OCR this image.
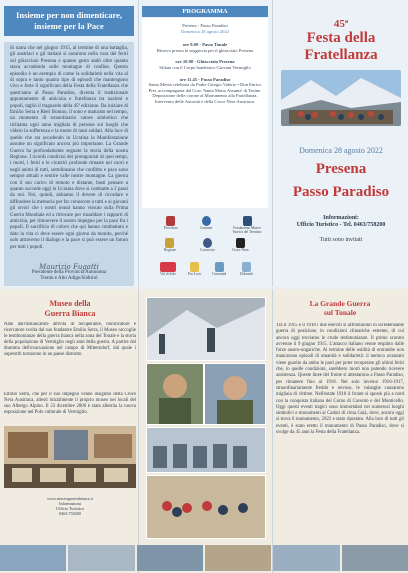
Insieme per non dimenticare,
insieme per la Pace
Si narra che nel giugno 1915, al termine di una battaglia, gli austriaci e gli italiani si notarono nella cura dei feriti sul ghiacciaio Presena e quanto gesto andò oltre quanto stava accadendo sulle montagne di confine. Questo episodio è un esempio di come la solidarietà nella vita al di sopra e tanto quanto tipo di episodi che mantengono vivo e forte il significato della Festa della Fratellanza che quest'anno al Passo Paradiso, diventa il tradizionale appuntamento di amicizia e fratellanza tra nazioni e popoli, tagliò il traguardo della 45ª edizione. Da iniziare di Emilio Serra e Rieri Bonino, il sono e maturato nel tempo, un momento di straordinario valore simbolico che richiama ogni anno migliaia di persone sui luoghi che videro la sofferenza e la morte di tanti soldati. Alla luce di quello che sta accadendo in Ucraina la Manifestazione assume un significato ancora più importante. La Grande Guerra ha profondamente segnato la storia della nostra Regione. I ricordi condivisi dei protagonisti di quei tempi, i morti, i feriti e le cicatrici profonde rimaste nei cuori e negli animi di tutti, sottolineano che conflitto e pace sono sempre attuali e sentire valle nostre montagne. La guerra con il suo carico di remoto e distante, basti pensare a quanto succede oggi in Ucraina dove si combatte a 2 passi da noi. Noi, quindi, abbiamo il dovere di ricordare e diffondere la memoria per far conoscere a tutti e ai giovani gli orrori che i nostri nonni hanno vissuto sulla Prima Guerra Mondiale ed a ritrovare per rinsaldare i rapporti di amicizia, per rimuovere il nostro impegno per la pace fra i popoli. Il sacrificio di coloro che qui hanno combattuto e dato la vita ci deve essere ogni giorno da monito, perché solo attraverso il dialogo e la pace si può essere un futuro per tutti i popoli.
Maurizio Fugatti
Presidente della Provincia Autonoma
Trento e Alto Adige/Südtirol
PROGRAMMA
Presena - Passo Paradiso
Domenica 28 agosto 2022
ore 8.00 - Passo Tonale
Ritrovo presso la seggiovia per il ghiacciaio Presena
ore 10.00 - Ghiacciaio Presena
Sfilata con il Corpo bandistico Giovani Vermiglio
ore 11.45 - Passo Paradiso
Santa Messa celebrata da Padre Giorgio Valerio • Don Enrico Pret, accompagnata dal Coro 'Santa Maria Assunta' di Tesino. Deposizione delle corone al Monumento alla Fratellanza. Intervento delle Autorità e della Croce Nera Austriaca.
Provincia	Comune	Fondazione Museo Storico del Trentino
Regione	Consorzio	Croce Nera
Val di Sole	Pro Loco	Comunità	Dolomiti
45ª
Festa della
Fratellanza
Domenica 28 agosto 2022
Presena
Passo Paradiso
Informazioni:
Ufficio Turistico - Tel. 0463/758200
Tutti sono invitati
Museo della
Guerra Bianca
Nato dall'instancabile attività di recuperante, bonificatore e ricercatore svolta dal suo fondatore Emilio Serra, il Museo raccoglie le testimonianze della guerra bianca nella zona del Tonale e la storia della popolazione di Vermiglio negli anni della guerra. A partire dal dramma dell'evacuazione nel campo di Mitterndorf, dal quale i superstiti tornarono in un paese distrutto.
Emilio Serra, che per il suo impegno venne insignito della Croce Nera Austriaca, allestì inizialmente il proprio museo nei locali del suo Albergo Alpino. Il 23 dicembre 2006 è stata allestita la nuova esposizione nel Polo culturale di Vermiglio.
www.museoguerrabianca.it
Informazioni
Ufficio Turistico
0463.758200
La Grande Guerra
sul Tonale
Tra il 1915 e il 1918 i due eserciti si affrontarono in un'estenuante guerra di posizione, in condizioni climatiche estreme, di cui ancora oggi troviamo le crude testimonianze. Il primo scontro avvenne il 9 giugno 1915. L'attacco italiano venne respinto dalle forze austro-ungariche. Al termine delle ostilità di entrambe non mancarono episodi di umanità e solidarietà: il nemico avanzato viene guarito da ambo le parti per poter recuperare gli ultimi feriti che, in quelle condizioni, sarebbero morti non potendo ricevere assistenza. Queste linee del fronte si attestarono a Passo Paradiso, per rimanere fino al 1918. Nel solo inverno 1916-1917, straordinariamente freddo e nevoso, le valanghe causarono migliaia di vittime. Nell'estate 1918 il fronte si spostò più a nord con la conquista italiana del Corno di Cavento e del Monticello. Oggi questi eventi tragici sono immortalati nei numerosi luoghi simbolici e monumenti ai Caduti di cima Gaià, dove, ancora oggi si trova il monumento, 2022 e stato riportato. Alla luce di tutti gli eventi, è stato eretto il monumento di Passo Paradiso, dove si svolge da 45 anni la Festa della Fratellanza.
